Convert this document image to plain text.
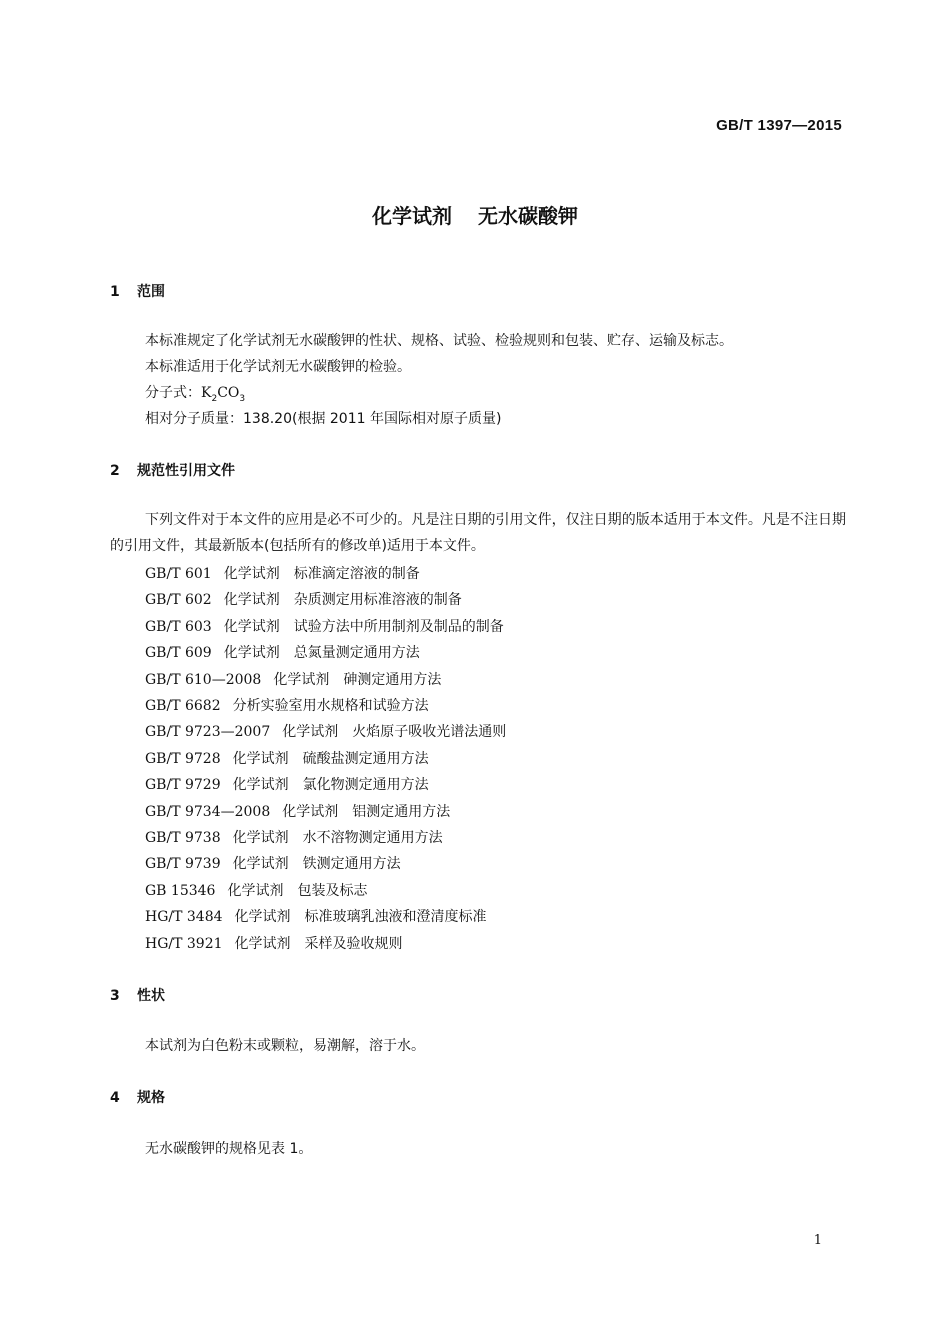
GB/T 1397—2015
化学试剂 无水碳酸钾
1 范围
本标准规定了化学试剂无水碳酸钾的性状、规格、试验、检验规则和包装、贮存、运输及标志。
本标准适用于化学试剂无水碳酸钾的检验。
分子式：$K_2CO_3$
相对分子质量：138.20(根据 2011 年国际相对原子质量)
2 规范性引用文件
下列文件对于本文件的应用是必不可少的。凡是注日期的引用文件，仅注日期的版本适用于本文件。凡是不注日期的引用文件，其最新版本(包括所有的修改单)适用于本文件。
GB/T 601 化学试剂　标准滴定溶液的制备
GB/T 602 化学试剂　杂质测定用标准溶液的制备
GB/T 603 化学试剂　试验方法中所用制剂及制品的制备
GB/T 609 化学试剂　总氮量测定通用方法
GB/T 610—2008 化学试剂　砷测定通用方法
GB/T 6682 分析实验室用水规格和试验方法
GB/T 9723—2007 化学试剂　火焰原子吸收光谱法通则
GB/T 9728 化学试剂　硫酸盐测定通用方法
GB/T 9729 化学试剂　氯化物测定通用方法
GB/T 9734—2008 化学试剂　铝测定通用方法
GB/T 9738 化学试剂　水不溶物测定通用方法
GB/T 9739 化学试剂　铁测定通用方法
GB 15346 化学试剂　包装及标志
HG/T 3484 化学试剂　标准玻璃乳浊液和澄清度标准
HG/T 3921 化学试剂　采样及验收规则
3 性状
本试剂为白色粉末或颗粒，易潮解，溶于水。
4 规格
无水碳酸钾的规格见表 1。
1
